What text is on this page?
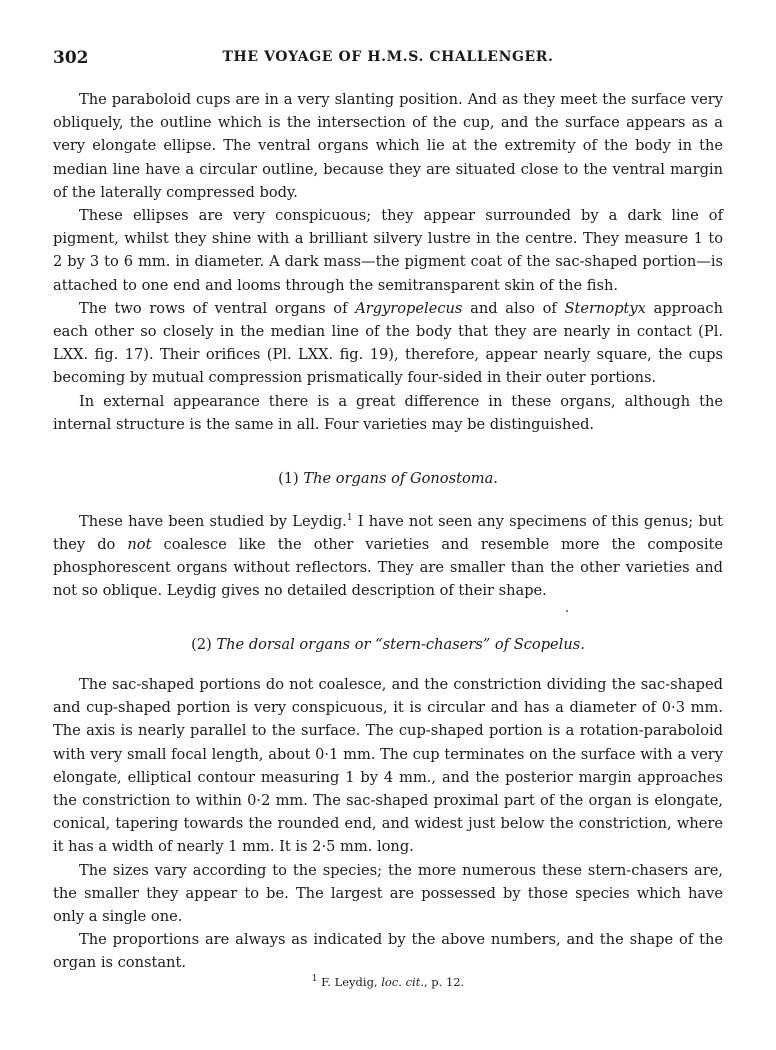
302	THE VOYAGE OF H.M.S. CHALLENGER.

The paraboloid cups are in a very slanting position. And as they meet the surface very obliquely, the outline which is the intersection of the cup, and the surface appears as a very elongate ellipse. The ventral organs which lie at the extremity of the body in the median line have a circular outline, because they are situated close to the ventral margin of the laterally compressed body.

These ellipses are very conspicuous; they appear surrounded by a dark line of pigment, whilst they shine with a brilliant silvery lustre in the centre. They measure 1 to 2 by 3 to 6 mm. in diameter. A dark mass—the pigment coat of the sac-shaped portion—is attached to one end and looms through the semitransparent skin of the fish.

The two rows of ventral organs of Argyropelecus and also of Sternoptyx approach each other so closely in the median line of the body that they are nearly in contact (Pl. LXX. fig. 17). Their orifices (Pl. LXX. fig. 19), therefore, appear nearly square, the cups becoming by mutual compression prismatically four-sided in their outer portions.

In external appearance there is a great difference in these organs, although the internal structure is the same in all. Four varieties may be distinguished.

(1) The organs of Gonostoma.

These have been studied by Leydig.$^1$ I have not seen any specimens of this genus; but they do not coalesce like the other varieties and resemble more the composite phosphorescent organs without reflectors. They are smaller than the other varieties and not so oblique. Leydig gives no detailed description of their shape.

(2) The dorsal organs or “stern-chasers” of Scopelus.

The sac-shaped portions do not coalesce, and the constriction dividing the sac-shaped and cup-shaped portion is very conspicuous, it is circular and has a diameter of 0·3 mm. The axis is nearly parallel to the surface. The cup-shaped portion is a rotation-paraboloid with very small focal length, about 0·1 mm. The cup terminates on the surface with a very elongate, elliptical contour measuring 1 by 4 mm., and the posterior margin approaches the constriction to within 0·2 mm. The sac-shaped proximal part of the organ is elongate, conical, tapering towards the rounded end, and widest just below the constriction, where it has a width of nearly 1 mm. It is 2·5 mm. long.

The sizes vary according to the species; the more numerous these stern-chasers are, the smaller they appear to be. The largest are possessed by those species which have only a single one.

The proportions are always as indicated by the above numbers, and the shape of the organ is constant.

$^1$ F. Leydig, loc. cit., p. 12.
